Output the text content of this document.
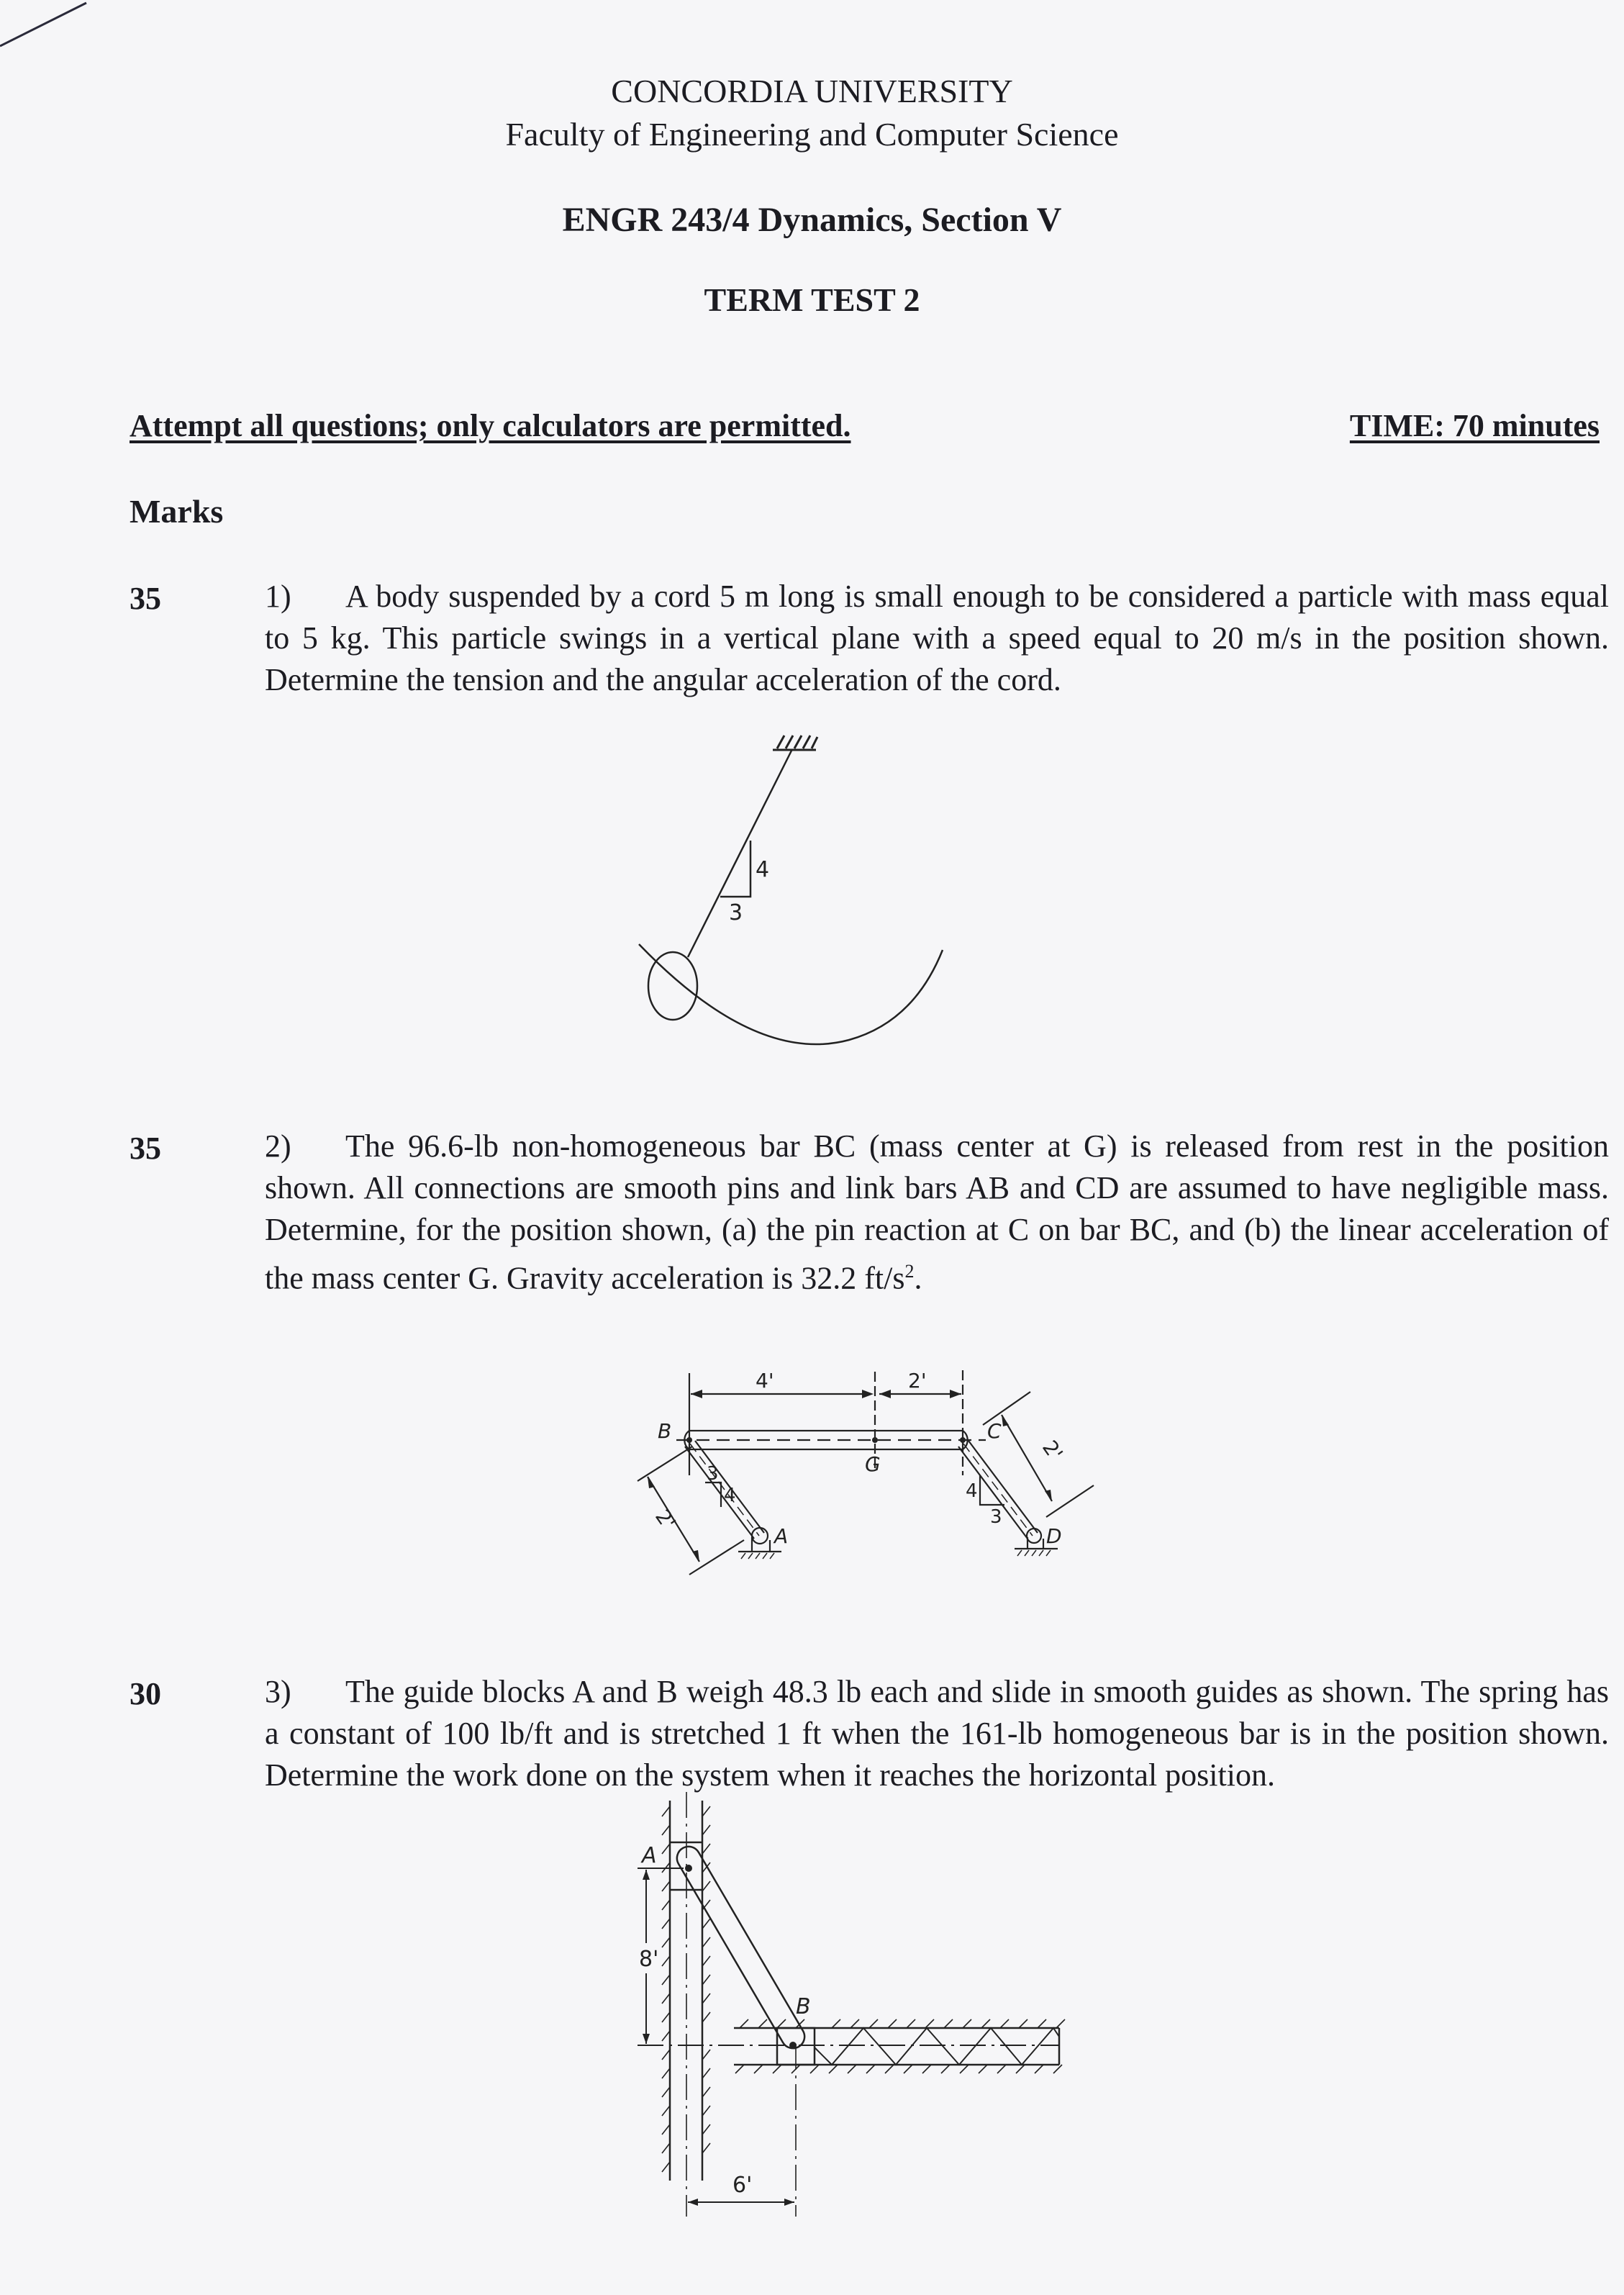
CONCORDIA UNIVERSITY
Faculty of Engineering and Computer Science
ENGR 243/4 Dynamics, Section V
TERM TEST 2
Attempt all questions; only calculators are permitted.	TIME: 70 minutes
Marks
35	1) A body suspended by a cord 5 m long is small enough to be considered a particle with mass equal to 5 kg. This particle swings in a vertical plane with a speed equal to 20 m/s in the position shown. Determine the tension and the angular acceleration of the cord.
4
3
35	2) The 96.6-lb non-homogeneous bar BC (mass center at G) is released from rest in the position shown. All connections are smooth pins and link bars AB and CD are assumed to have negligible mass. Determine, for the position shown, (a) the pin reaction at C on bar BC, and (b) the linear acceleration of the mass center G. Gravity acceleration is 32.2 $ft/s^2$.
4'	2'
2'
2'
B	C
A	D
G
3
4	4
3
30	3) The guide blocks A and B weigh 48.3 lb each and slide in smooth guides as shown. The spring has a constant of 100 lb/ft and is stretched 1 ft when the 161-lb homogeneous bar is in the position shown. Determine the work done on the system when it reaches the horizontal position.
A
B
8'
6'
